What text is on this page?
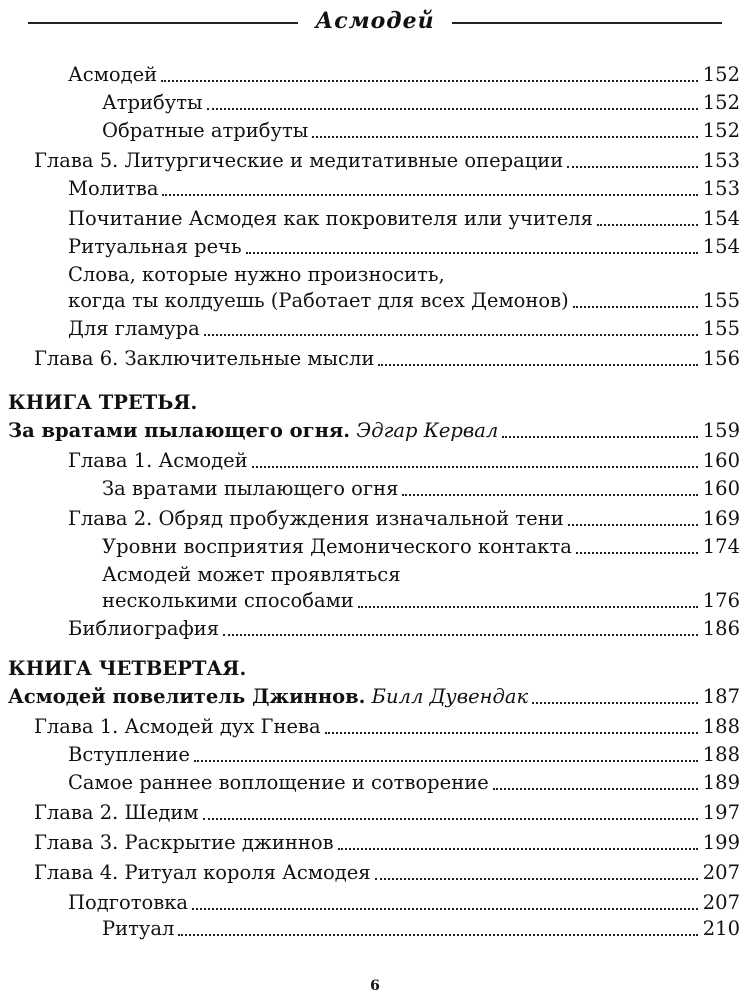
Асмодей
Асмодей	152
Атрибуты	152
Обратные атрибуты	152
Глава 5. Литургические и медитативные операции	153
Молитва	153
Почитание Асмодея как покровителя или учителя	154
Ритуальная речь	154
Слова, которые нужно произносить,
когда ты колдуешь (Работает для всех Демонов)	155
Для гламура	155
Глава 6. Заключительные мысли	156
КНИГА ТРЕТЬЯ.
За вратами пылающего огня. Эдгар Кервал	159
Глава 1. Асмодей	160
За вратами пылающего огня	160
Глава 2. Обряд пробуждения изначальной тени	169
Уровни восприятия Демонического контакта	174
Асмодей может проявляться
несколькими способами	176
Библиография	186
КНИГА ЧЕТВЕРТАЯ.
Асмодей повелитель Джиннов. Билл Дувендак	187
Глава 1. Асмодей дух Гнева	188
Вступление	188
Самое раннее воплощение и сотворение	189
Глава 2. Шедим	197
Глава 3. Раскрытие джиннов	199
Глава 4. Ритуал короля Асмодея	207
Подготовка	207
Ритуал	210
6
